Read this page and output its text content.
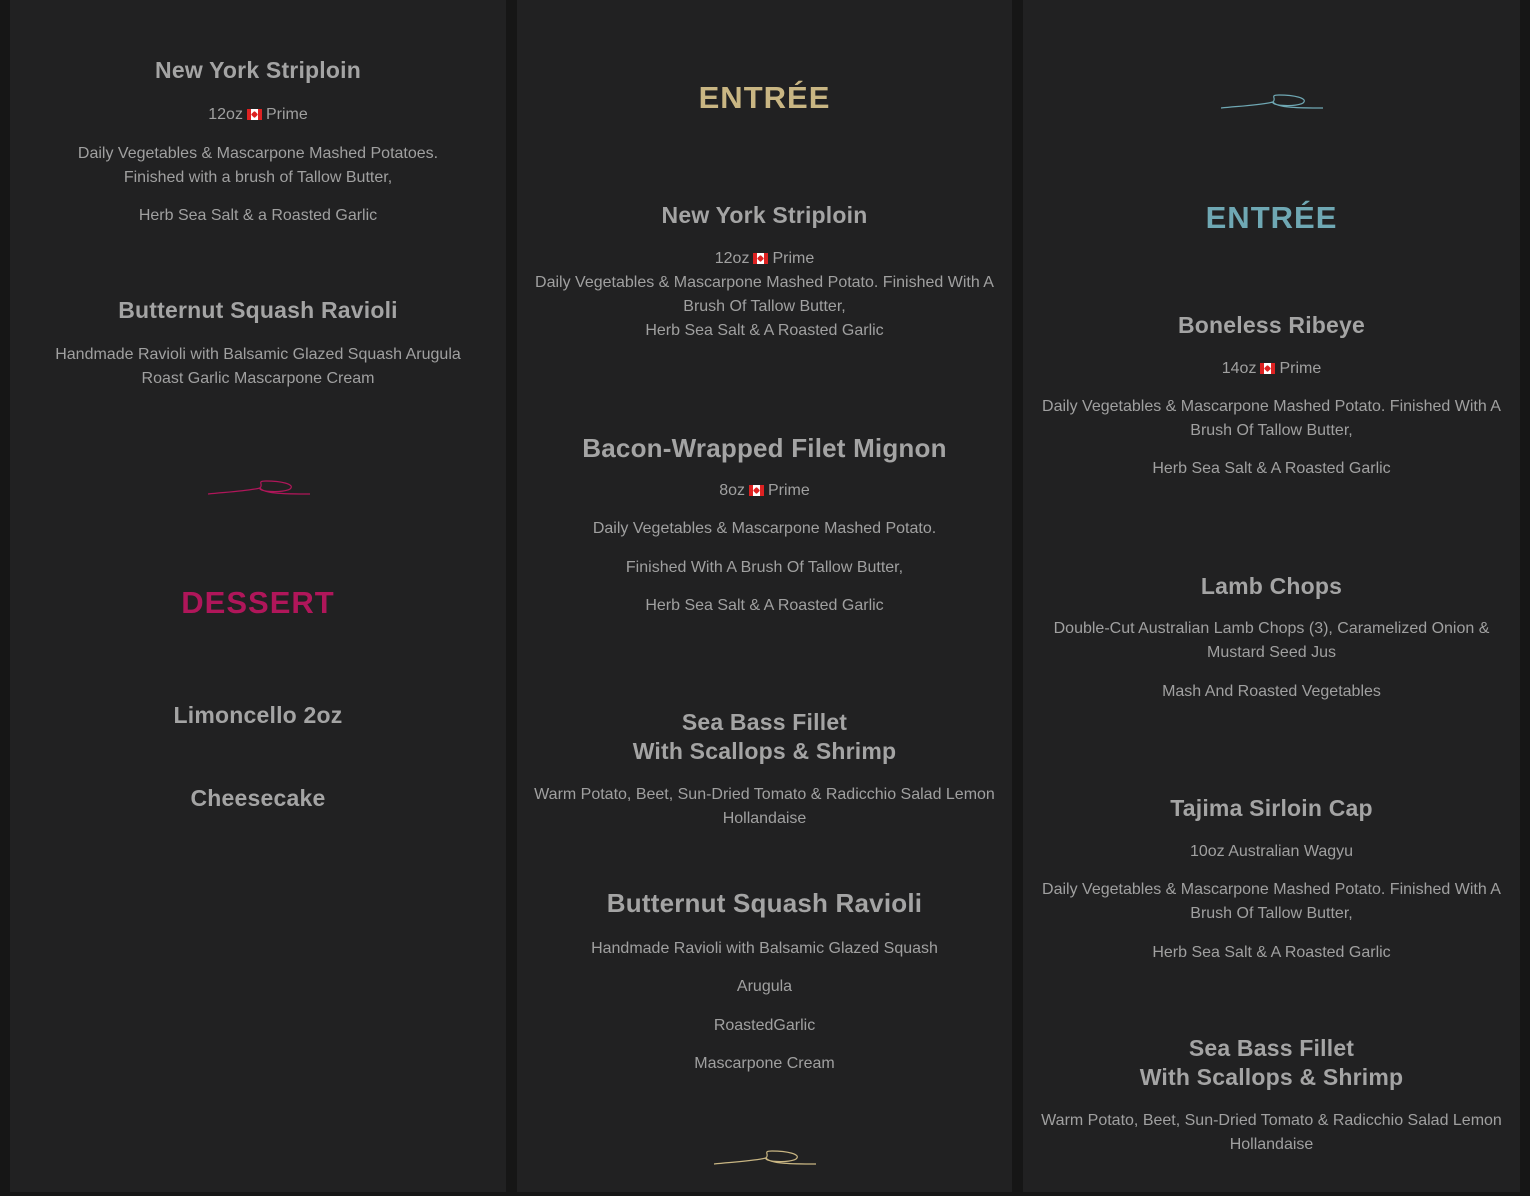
New York Striploin
12oz Prime
Daily Vegetables & Mascarpone Mashed Potatoes.
Finished with a brush of Tallow Butter,
Herb Sea Salt & a Roasted Garlic
Butternut Squash Ravioli
Handmade Ravioli with Balsamic Glazed Squash Arugula
Roast Garlic Mascarpone Cream
DESSERT
Limoncello 2oz
Cheesecake
ENTRÉE
New York Striploin
12oz Prime
Daily Vegetables & Mascarpone Mashed Potato. Finished With A
Brush Of Tallow Butter,
Herb Sea Salt & A Roasted Garlic
Bacon-Wrapped Filet Mignon
8oz Prime
Daily Vegetables & Mascarpone Mashed Potato.
Finished With A Brush Of Tallow Butter,
Herb Sea Salt & A Roasted Garlic
Sea Bass Fillet
With Scallops & Shrimp
Warm Potato, Beet, Sun-Dried Tomato & Radicchio Salad Lemon
Hollandaise
Butternut Squash Ravioli
Handmade Ravioli with Balsamic Glazed Squash
Arugula
RoastedGarlic
Mascarpone Cream
ENTRÉE
Boneless Ribeye
14oz Prime
Daily Vegetables & Mascarpone Mashed Potato. Finished With A
Brush Of Tallow Butter,
Herb Sea Salt & A Roasted Garlic
Lamb Chops
Double-Cut Australian Lamb Chops (3), Caramelized Onion &
Mustard Seed Jus
Mash And Roasted Vegetables
Tajima Sirloin Cap
10oz Australian Wagyu
Daily Vegetables & Mascarpone Mashed Potato. Finished With A
Brush Of Tallow Butter,
Herb Sea Salt & A Roasted Garlic
Sea Bass Fillet
With Scallops & Shrimp
Warm Potato, Beet, Sun-Dried Tomato & Radicchio Salad Lemon
Hollandaise
